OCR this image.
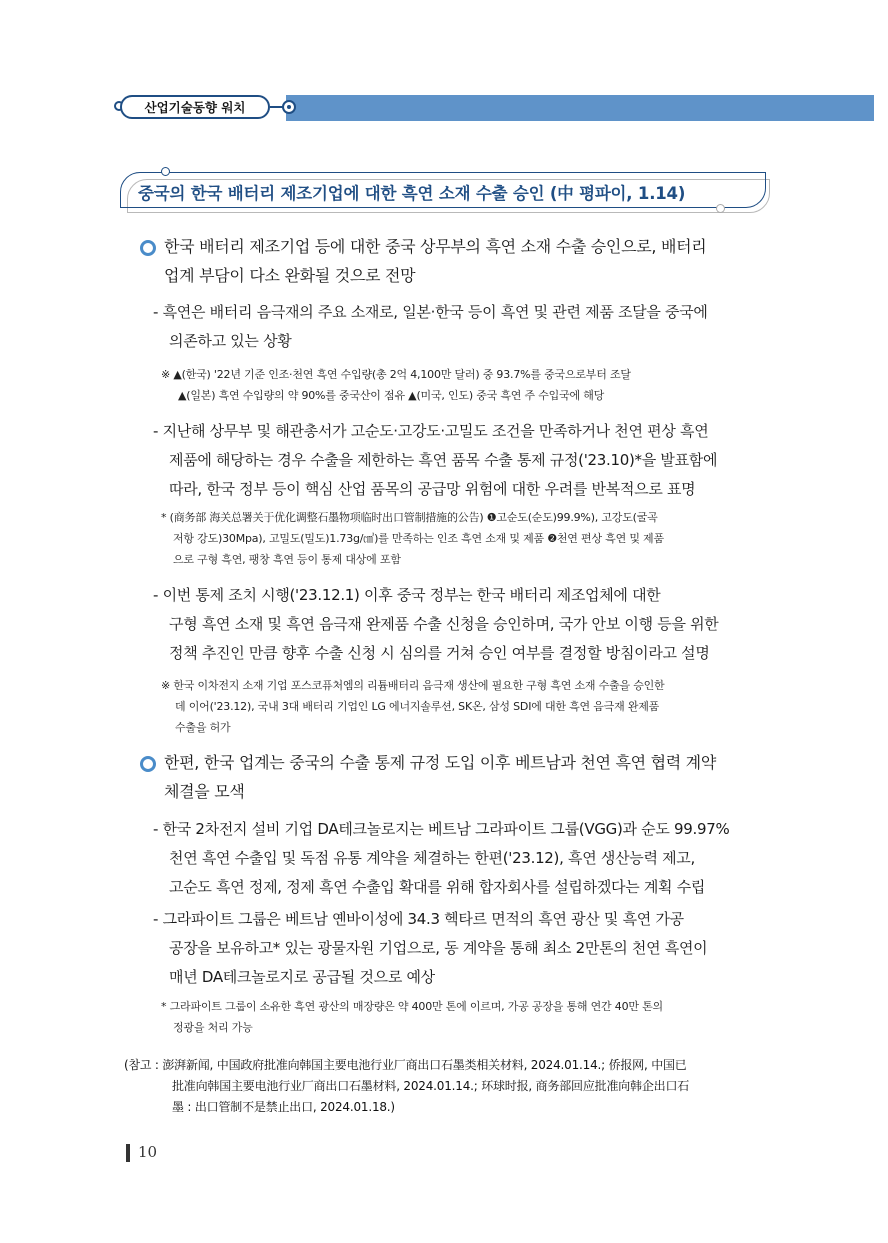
산업기술동향 워치
중국의 한국 배터리 제조기업에 대한 흑연 소재 수출 승인 (中 평파이, 1.14)
한국 배터리 제조기업 등에 대한 중국 상무부의 흑연 소재 수출 승인으로, 배터리
업계 부담이 다소 완화될 것으로 전망
- 흑연은 배터리 음극재의 주요 소재로, 일본·한국 등이 흑연 및 관련 제품 조달을 중국에
의존하고 있는 상황
※ ▲(한국) '22년 기준 인조·천연 흑연 수입량(총 2억 4,100만 달러) 중 93.7%를 중국으로부터 조달
▲(일본) 흑연 수입량의 약 90%를 중국산이 점유 ▲(미국, 인도) 중국 흑연 주 수입국에 해당
- 지난해 상무부 및 해관총서가 고순도·고강도·고밀도 조건을 만족하거나 천연 편상 흑연
제품에 해당하는 경우 수출을 제한하는 흑연 품목 수출 통제 규정('23.10)*을 발표함에
따라, 한국 정부 등이 핵심 산업 품목의 공급망 위험에 대한 우려를 반복적으로 표명
* (商务部 海关总署关于优化调整石墨物项临时出口管制措施的公告) ❶고순도(순도)99.9%), 고강도(굴곡
저항 강도)30Mpa), 고밀도(밀도)1.73g/㎤)를 만족하는 인조 흑연 소재 및 제품 ❷천연 편상 흑연 및 제품
으로 구형 흑연, 팽창 흑연 등이 통제 대상에 포함
- 이번 통제 조치 시행('23.12.1) 이후 중국 정부는 한국 배터리 제조업체에 대한
구형 흑연 소재 및 흑연 음극재 완제품 수출 신청을 승인하며, 국가 안보 이행 등을 위한
정책 추진인 만큼 향후 수출 신청 시 심의를 거쳐 승인 여부를 결정할 방침이라고 설명
※ 한국 이차전지 소재 기업 포스코퓨처엠의 리튬배터리 음극재 생산에 필요한 구형 흑연 소재 수출을 승인한
데 이어('23.12), 국내 3대 배터리 기업인 LG 에너지솔루션, SK온, 삼성 SDI에 대한 흑연 음극재 완제품
수출을 허가
한편, 한국 업계는 중국의 수출 통제 규정 도입 이후 베트남과 천연 흑연 협력 계약
체결을 모색
- 한국 2차전지 설비 기업 DA테크놀로지는 베트남 그라파이트 그룹(VGG)과 순도 99.97%
천연 흑연 수출입 및 독점 유통 계약을 체결하는 한편('23.12), 흑연 생산능력 제고,
고순도 흑연 정제, 정제 흑연 수출입 확대를 위해 합자회사를 설립하겠다는 계획 수립
- 그라파이트 그룹은 베트남 옌바이성에 34.3 헥타르 면적의 흑연 광산 및 흑연 가공
공장을 보유하고* 있는 광물자원 기업으로, 동 계약을 통해 최소 2만톤의 천연 흑연이
매년 DA테크놀로지로 공급될 것으로 예상
* 그라파이트 그룹이 소유한 흑연 광산의 매장량은 약 400만 톤에 이르며, 가공 공장을 통해 연간 40만 톤의
정광을 처리 가능
(참고 : 澎湃新闻, 中国政府批准向韩国主要电池行业厂商出口石墨类相关材料, 2024.01.14.; 侨报网, 中国已
批准向韩国主要电池行业厂商出口石墨材料, 2024.01.14.; 环球时报, 商务部回应批准向韩企出口石
墨 : 出口管制不是禁止出口, 2024.01.18.)
10
